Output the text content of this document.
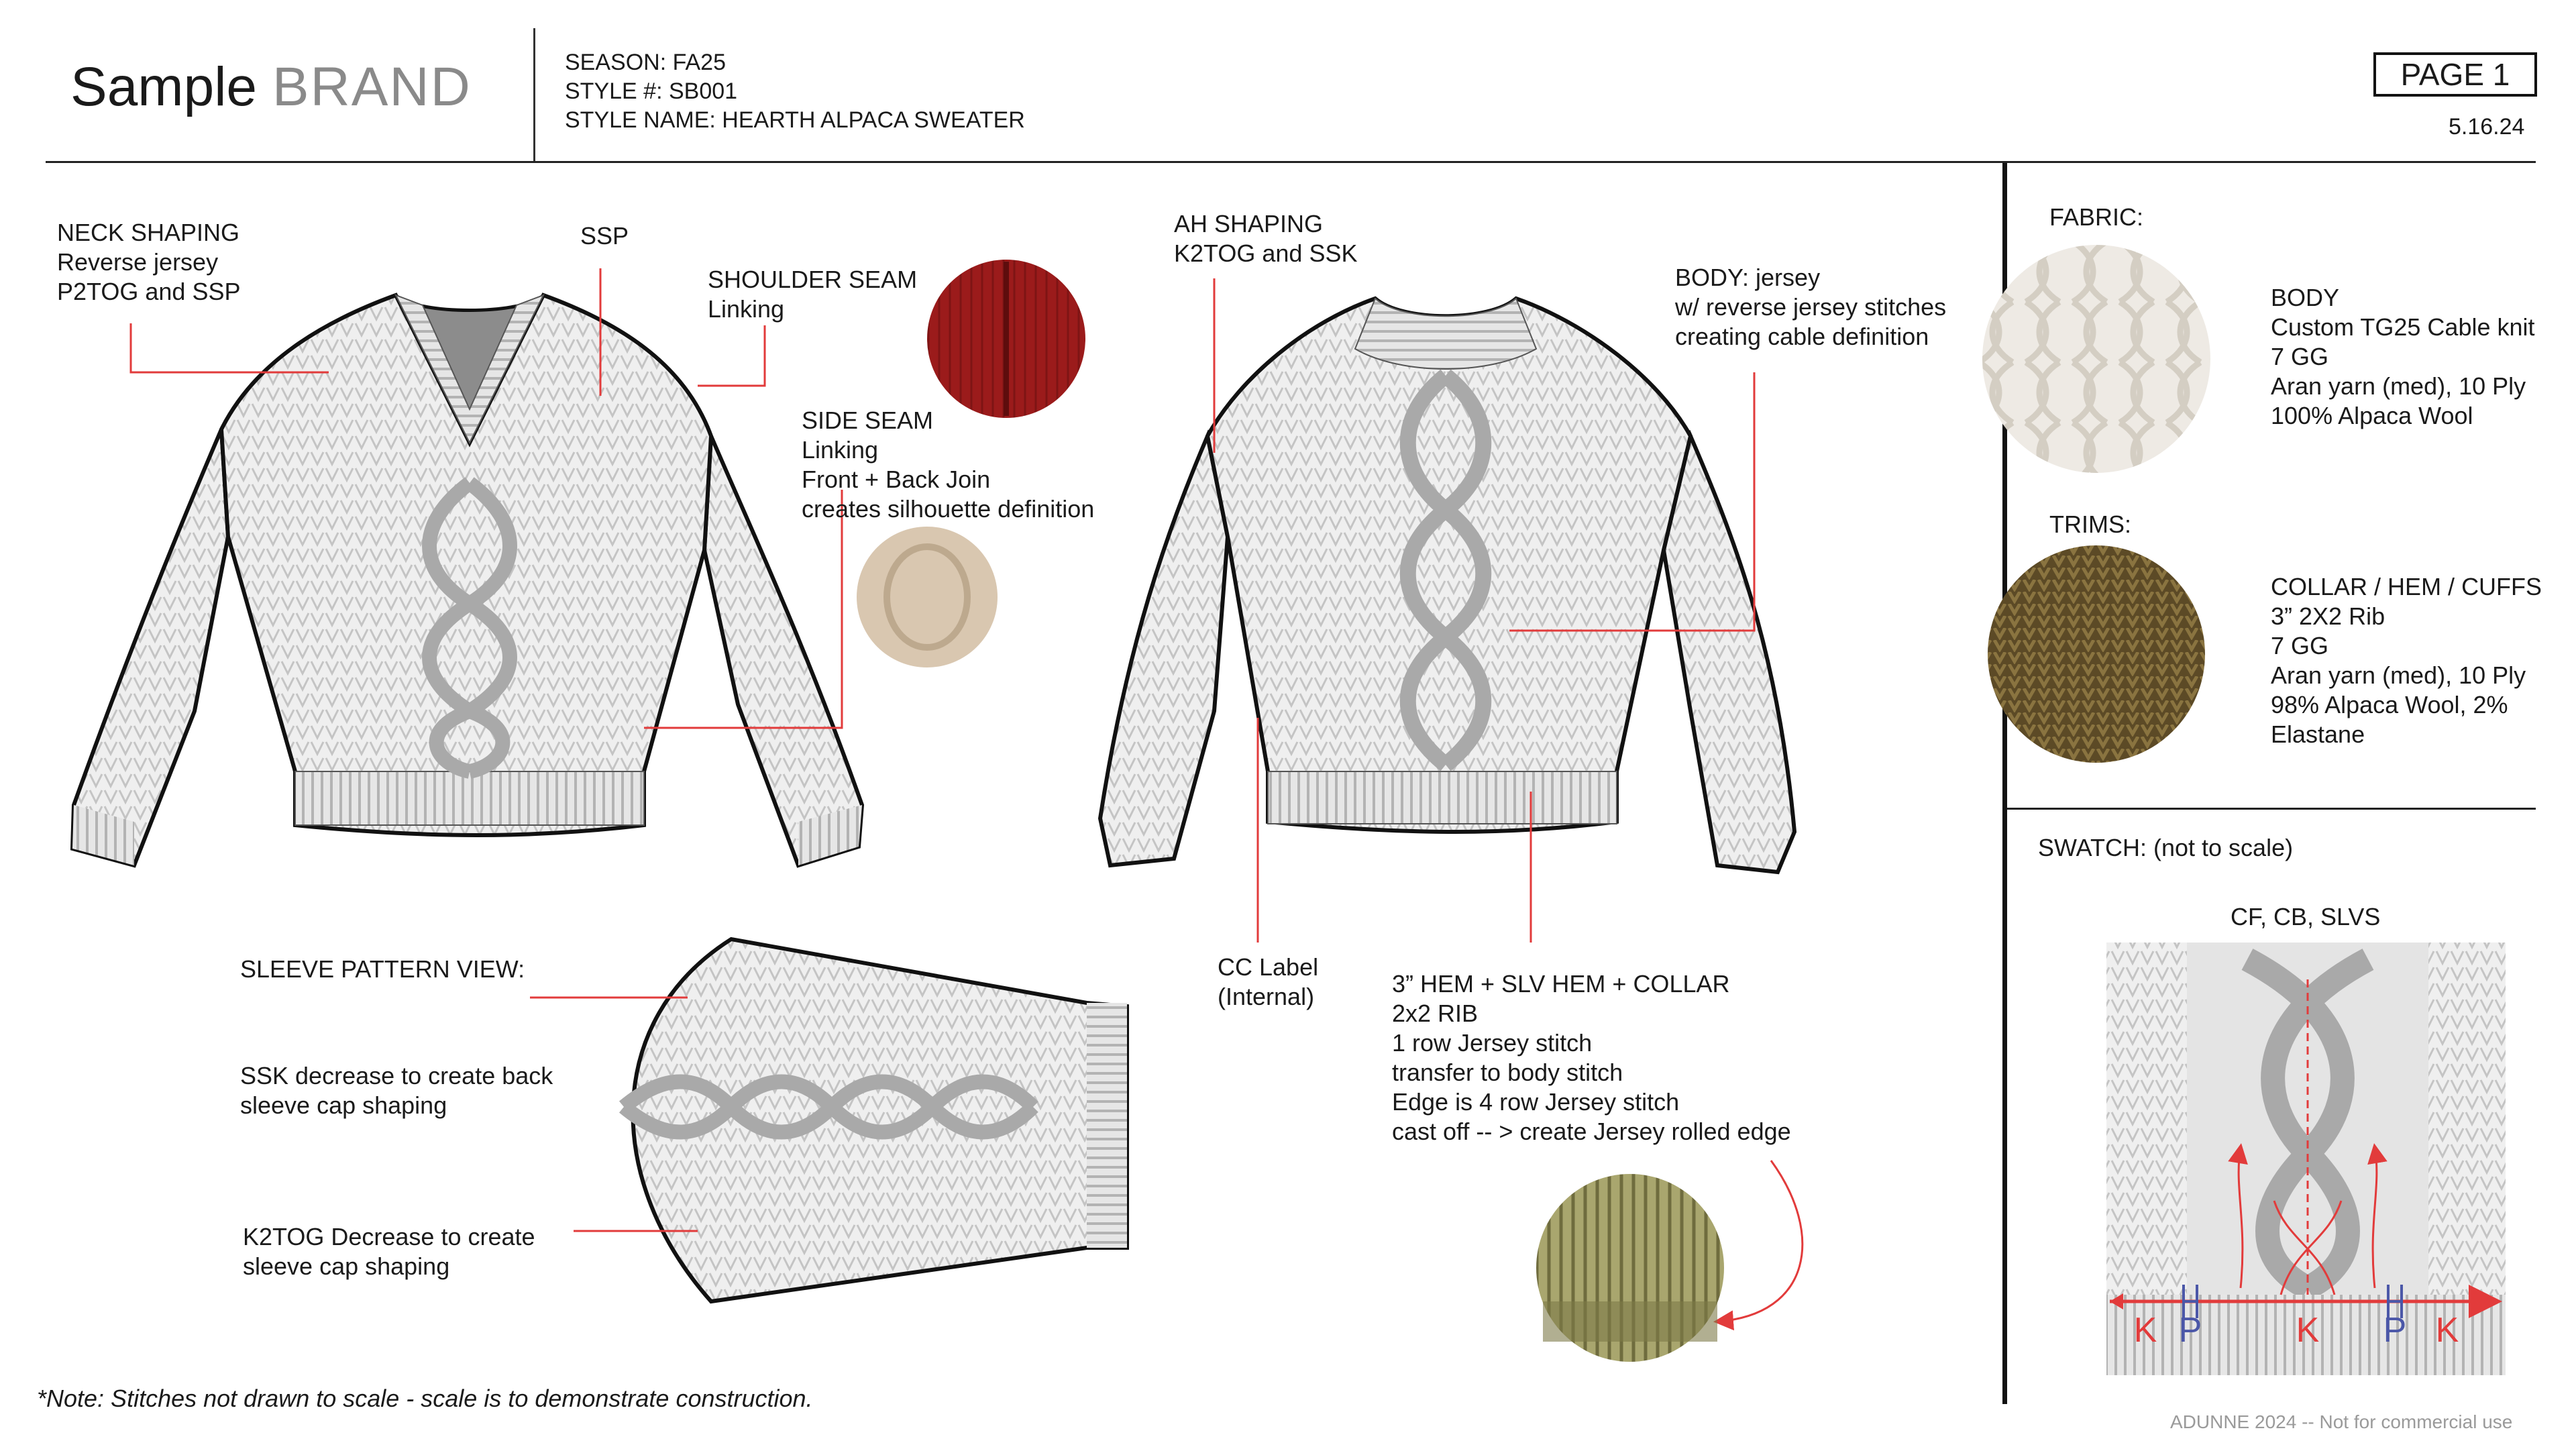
Sample BRAND	SEASON: FA25
STYLE #: SB001
STYLE NAME: HEARTH ALPACA SWEATER
PAGE 1
5.16.24
K P	K P K
NECK SHAPING
Reverse jersey
P2TOG and SSP
SSP
SHOULDER SEAM
Linking
SIDE SEAM
Linking
Front + Back Join
creates silhouette definition
AH SHAPING
K2TOG and SSK
BODY: jersey
w/ reverse jersey stitches
creating cable definition
CC Label
(Internal)	3” HEM + SLV HEM + COLLAR
2x2 RIB
1 row Jersey stitch
transfer to body stitch
Edge is 4 row Jersey stitch
cast off -- > create Jersey rolled edge
SLEEVE PATTERN VIEW:
SSK decrease to create back
sleeve cap shaping
K2TOG Decrease to create
sleeve cap shaping
FABRIC:
BODY
Custom TG25 Cable knit
7 GG
Aran yarn (med), 10 Ply
100% Alpaca Wool
TRIMS:
COLLAR / HEM / CUFFS
3” 2X2 Rib
7 GG
Aran yarn (med), 10 Ply
98% Alpaca Wool, 2%
Elastane
SWATCH: (not to scale)
CF, CB, SLVS
*Note: Stitches not drawn to scale - scale is to demonstrate construction.
ADUNNE 2024 -- Not for commercial use
